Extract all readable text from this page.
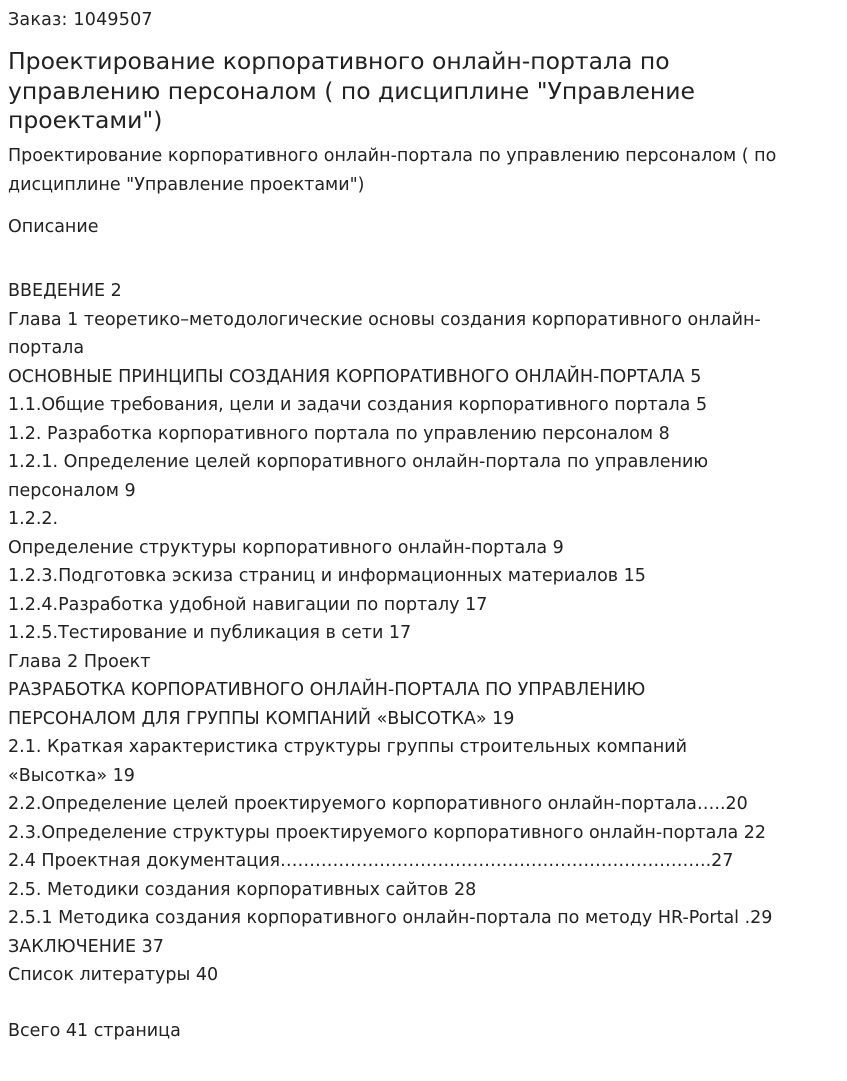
Заказ: 1049507
Проектирование корпоративного онлайн-портала по управлению персоналом ( по дисциплине "Управление проектами")

Проектирование корпоративного онлайн-портала по управлению персоналом ( по дисциплине "Управление проектами")

Описание
ВВЕДЕНИЕ 2
Глава 1 теоретико–методологические основы создания корпоративного онлайн-
портала
ОСНОВНЫЕ ПРИНЦИПЫ СОЗДАНИЯ КОРПОРАТИВНОГО ОНЛАЙН-ПОРТАЛА 5
1.1.Общие требования, цели и задачи создания корпоративного портала 5
1.2. Разработка корпоративного портала по управлению персоналом 8
1.2.1. Определение целей корпоративного онлайн-портала по управлению
персоналом 9
1.2.2.
Определение структуры корпоративного онлайн-портала 9
1.2.3.Подготовка эскиза страниц и информационных материалов 15
1.2.4.Разработка удобной навигации по порталу 17
1.2.5.Тестирование и публикация в сети 17
Глава 2 Проект
РАЗРАБОТКА КОРПОРАТИВНОГО ОНЛАЙН-ПОРТАЛА ПО УПРАВЛЕНИЮ
ПЕРСОНАЛОМ ДЛЯ ГРУППЫ КОМПАНИЙ «ВЫСОТКА» 19
2.1. Краткая характеристика структуры группы строительных компаний
«Высотка» 19
2.2.Определение целей проектируемого корпоративного онлайн-портала…..20
2.3.Определение структуры проектируемого корпоративного онлайн-портала 22
2.4 Проектная документация………………………………………………………………..27
2.5. Методики создания корпоративных сайтов 28
2.5.1 Методика создания корпоративного онлайн-портала по методу HR-Portal .29
ЗАКЛЮЧЕНИЕ 37
Список литературы 40
Всего 41 страница
